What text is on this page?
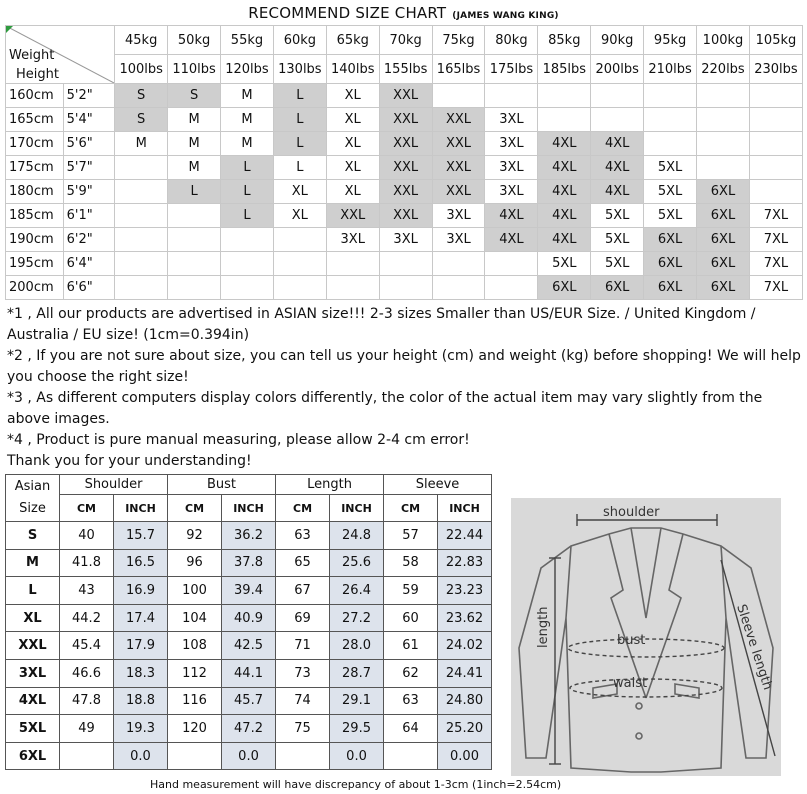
RECOMMEND SIZE CHART (JAMES WANG KING)
Weight
Height		45kg	50kg	55kg	60kg	65kg	70kg	75kg	80kg	85kg	90kg	95kg	100kg	105kg
		100lbs	110lbs	120lbs	130lbs	140lbs	155lbs	165lbs	175lbs	185lbs	200lbs	210lbs	220lbs	230lbs
160cm	5'2"	S	S	M	L	XL	XXL							
165cm	5'4"	S	M	M	L	XL	XXL	XXL	3XL					
170cm	5'6"	M	M	M	L	XL	XXL	XXL	3XL	4XL	4XL			
175cm	5'7"		M	L	L	XL	XXL	XXL	3XL	4XL	4XL	5XL		
180cm	5'9"		L	L	XL	XL	XXL	XXL	3XL	4XL	4XL	5XL	6XL	
185cm	6'1"			L	XL	XXL	XXL	3XL	4XL	4XL	5XL	5XL	6XL	7XL
190cm	6'2"					3XL	3XL	3XL	4XL	4XL	5XL	6XL	6XL	7XL
195cm	6'4"									5XL	5XL	6XL	6XL	7XL
200cm	6'6"									6XL	6XL	6XL	6XL	7XL

*1 , All our products are advertised in ASIAN size!!! 2-3 sizes Smaller than US/EUR Size. / United Kingdom / Australia / EU size! (1cm=0.394in)

*2 , If you are not sure about size, you can tell us your height (cm) and weight (kg) before shopping! We will help you choose the right size!

*3 , As different computers display colors differently, the color of the actual item may vary slightly from the above images.

*4 , Product is pure manual measuring, please allow 2-4 cm error!

Thank you for your understanding!

Asian
Size	Shoulder		Bust		Length		Sleeve	
	CM	INCH	CM	INCH	CM	INCH	CM	INCH
S	40	15.7	92	36.2	63	24.8	57	22.44
M	41.8	16.5	96	37.8	65	25.6	58	22.83
L	43	16.9	100	39.4	67	26.4	59	23.23
XL	44.2	17.4	104	40.9	69	27.2	60	23.62
XXL	45.4	17.9	108	42.5	71	28.0	61	24.02
3XL	46.6	18.3	112	44.1	73	28.7	62	24.41
4XL	47.8	18.8	116	45.7	74	29.1	63	24.80
5XL	49	19.3	120	47.2	75	29.5	64	25.20
6XL		0.0		0.0		0.0		0.00
shoulder
length	bust
waist	Sleeve length
Hand measurement will have discrepancy of about 1-3cm (1inch=2.54cm)
